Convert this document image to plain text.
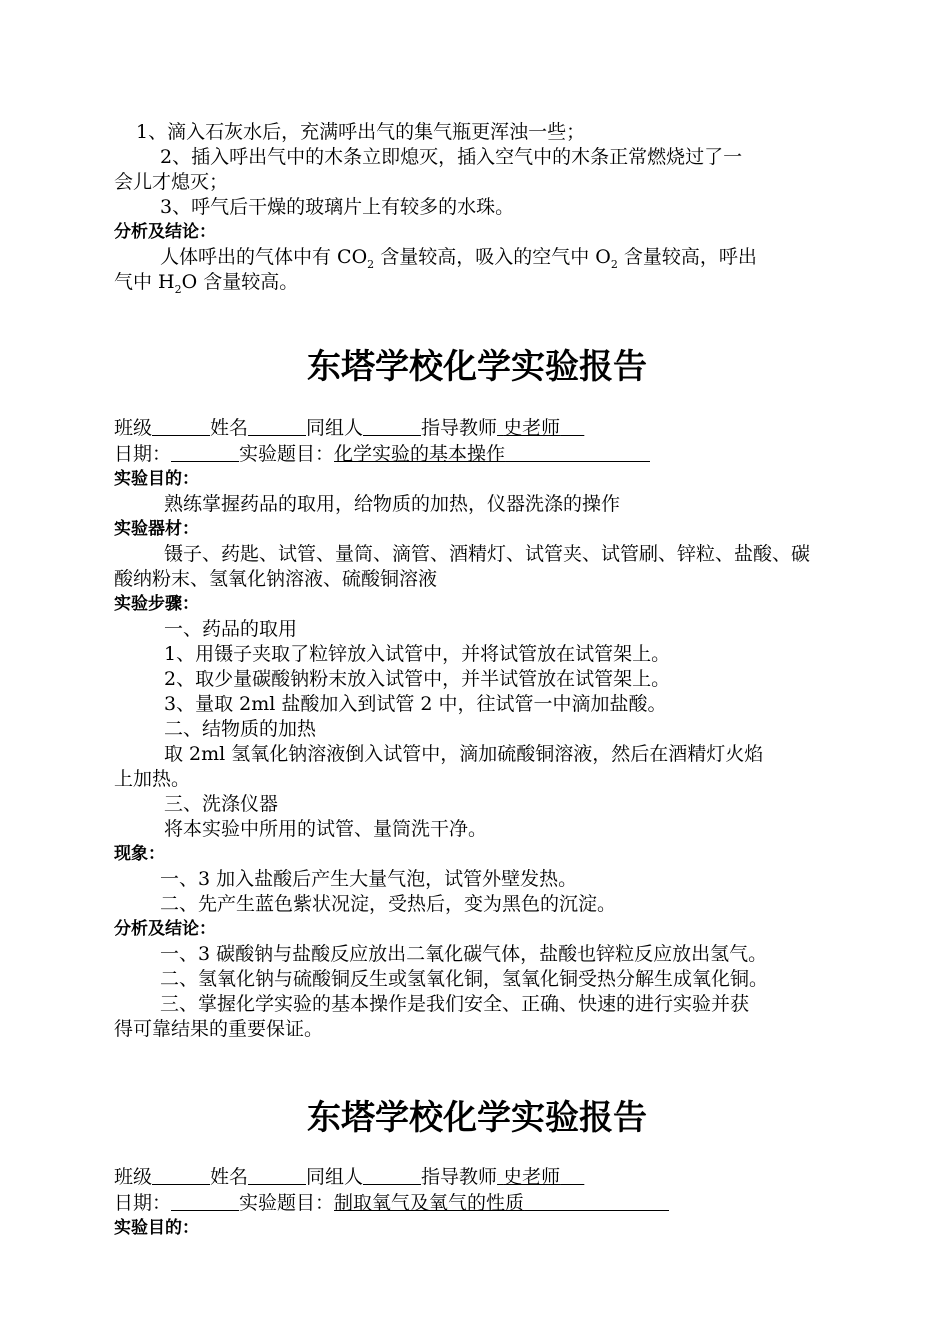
1、滴入石灰水后，充满呼出气的集气瓶更浑浊一些；

2、插入呼出气中的木条立即熄灭，插入空气中的木条正常燃烧过了一

会儿才熄灭；

3、呼气后干燥的玻璃片上有较多的水珠。

分析及结论：

人体呼出的气体中有 $CO_2$ 含量较高，吸入的空气中 $O_2$ 含量较高，呼出

气中 $H_2O$ 含量较高。

东塔学校化学实验报告

班级	姓名	同组人	指导教师 史老师

日期：	实验题目：化学实验的基本操作

实验目的：

熟练掌握药品的取用，给物质的加热，仪器洗涤的操作

实验器材：

镊子、药匙、试管、量筒、滴管、酒精灯、试管夹、试管刷、锌粒、盐酸、碳

酸纳粉末、氢氧化钠溶液、硫酸铜溶液

实验步骤：

一、药品的取用

1、用镊子夹取了粒锌放入试管中，并将试管放在试管架上。

2、取少量碳酸钠粉末放入试管中，并半试管放在试管架上。

3、量取 2ml 盐酸加入到试管 2 中，往试管一中滴加盐酸。

二、结物质的加热

取 2ml 氢氧化钠溶液倒入试管中，滴加硫酸铜溶液，然后在酒精灯火焰

上加热。

三、洗涤仪器

将本实验中所用的试管、量筒洗干净。

现象：

一、3 加入盐酸后产生大量气泡，试管外壁发热。

二、先产生蓝色紫状况淀，受热后，变为黑色的沉淀。

分析及结论：

一、3 碳酸钠与盐酸反应放出二氧化碳气体，盐酸也锌粒反应放出氢气。

二、氢氧化钠与硫酸铜反生或氢氧化铜，氢氧化铜受热分解生成氧化铜。

三、掌握化学实验的基本操作是我们安全、正确、快速的进行实验并获

得可靠结果的重要保证。

东塔学校化学实验报告

班级	姓名	同组人	指导教师 史老师

日期：	实验题目：制取氧气及氧气的性质

实验目的：
